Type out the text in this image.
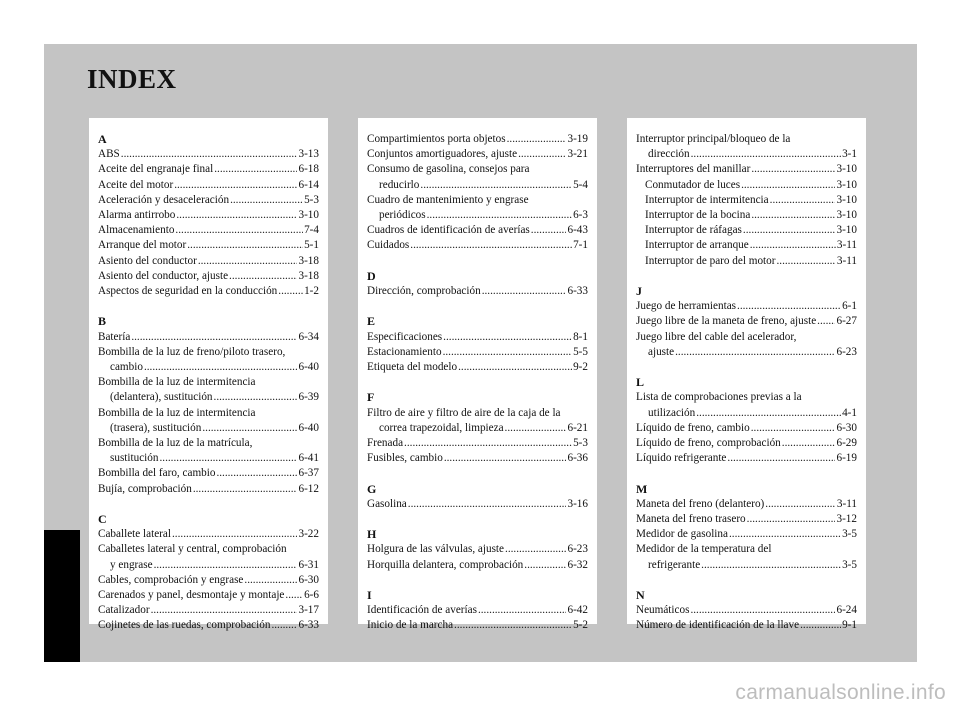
INDEX
A
ABS .....	3-13
Aceite del engranaje final .....	6-18
Aceite del motor .....	6-14
Aceleración y desaceleración .....	5-3
Alarma antirrobo .....	3-10
Almacenamiento .....	7-4
Arranque del motor .....	5-1
Asiento del conductor .....	3-18
Asiento del conductor, ajuste .....	3-18
Aspectos de seguridad en la conducción ..... 1-2
B
Batería .....	6-34
Bombilla de la luz de freno/piloto trasero,
cambio .....	6-40
Bombilla de la luz de intermitencia
(delantera), sustitución .....	6-39
Bombilla de la luz de intermitencia
(trasera), sustitución .....	6-40
Bombilla de la luz de la matrícula,
sustitución .....	6-41
Bombilla del faro, cambio .....	6-37
Bujía, comprobación .....	6-12
C
Caballete lateral .....	3-22
Caballetes lateral y central, comprobación
y engrase .....	6-31
Cables, comprobación y engrase .....	6-30
Carenados y panel, desmontaje y montaje ..... 6-6
Catalizador .....	3-17
Cojinetes de las ruedas, comprobación .....	6-33
Compartimientos porta objetos .....	3-19
Conjuntos amortiguadores, ajuste .....	3-21
Consumo de gasolina, consejos para
reducirlo .....	5-4
Cuadro de mantenimiento y engrase
periódicos .....	6-3
Cuadros de identificación de averías .....	6-43
Cuidados .....	7-1
D
Dirección, comprobación .....	6-33
E
Especificaciones .....	8-1
Estacionamiento .....	5-5
Etiqueta del modelo .....	9-2
F
Filtro de aire y filtro de aire de la caja de la
correa trapezoidal, limpieza .....	6-21
Frenada .....	5-3
Fusibles, cambio .....	6-36
G
Gasolina .....	3-16
H
Holgura de las válvulas, ajuste .....	6-23
Horquilla delantera, comprobación .....	6-32
I
Identificación de averías .....	6-42
Inicio de la marcha .....	5-2
Interruptor principal/bloqueo de la
dirección .....	3-1
Interruptores del manillar .....	3-10
Conmutador de luces .....	3-10
Interruptor de intermitencia .....	3-10
Interruptor de la bocina .....	3-10
Interruptor de ráfagas .....	3-10
Interruptor de arranque .....	3-11
Interruptor de paro del motor .....	3-11
J
Juego de herramientas .....	6-1
Juego libre de la maneta de freno, ajuste ..... 6-27
Juego libre del cable del acelerador,
ajuste .....	6-23
L
Lista de comprobaciones previas a la
utilización .....	4-1
Líquido de freno, cambio .....	6-30
Líquido de freno, comprobación .....	6-29
Líquido refrigerante .....	6-19
M
Maneta del freno (delantero) .....	3-11
Maneta del freno trasero .....	3-12
Medidor de gasolina .....	3-5
Medidor de la temperatura del
refrigerante .....	3-5
N
Neumáticos .....	6-24
Número de identificación de la llave .....	9-1
carmanualsonline.info
